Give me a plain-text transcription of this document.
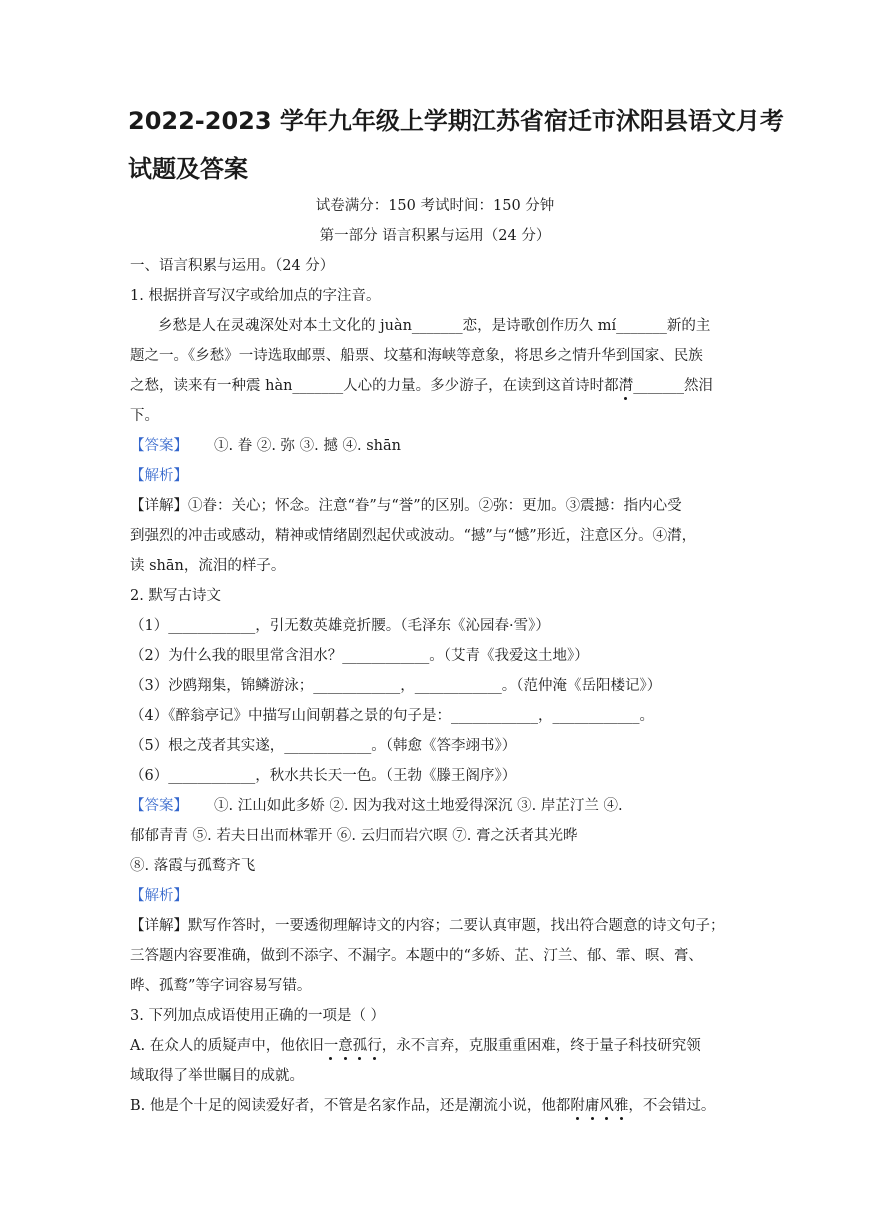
2022-2023 学年九年级上学期江苏省宿迁市沭阳县语文月考
试题及答案
试卷满分：150 考试时间：150 分钟
第一部分 语言积累与运用（24 分）
一、语言积累与运用。（24 分）
1. 根据拼音写汉字或给加点的字注音。
乡愁是人在灵魂深处对本土文化的 juàn_______恋，是诗歌创作历久 mí_______新的主
题之一。《乡愁》一诗选取邮票、船票、坟墓和海峡等意象，将思乡之情升华到国家、民族
之愁，读来有一种震 hàn_______人心的力量。多少游子，在读到这首诗时都潸_______然泪
下。
【答案】 ①. 眷 ②. 弥 ③. 撼 ④. shān
【解析】
【详解】①眷：关心；怀念。注意“眷”与“誉”的区别。②弥：更加。③震撼：指内心受
到强烈的冲击或感动，精神或情绪剧烈起伏或波动。“撼”与“憾”形近，注意区分。④潸，
读 shān，流泪的样子。
2. 默写古诗文
（1）____________，引无数英雄竞折腰。（毛泽东《沁园春·雪》）
（2）为什么我的眼里常含泪水？____________。（艾青《我爱这土地》）
（3）沙鸥翔集，锦鳞游泳；____________，____________。（范仲淹《岳阳楼记》）
（4）《醉翁亭记》中描写山间朝暮之景的句子是：____________，____________。
（5）根之茂者其实遂，____________。（韩愈《答李翊书》）
（6）____________，秋水共长天一色。（王勃《滕王阁序》）
【答案】 ①. 江山如此多娇 ②. 因为我对这土地爱得深沉 ③. 岸芷汀兰 ④.
郁郁青青 ⑤. 若夫日出而林霏开 ⑥. 云归而岩穴暝 ⑦. 膏之沃者其光晔
⑧. 落霞与孤鹜齐飞
【解析】
【详解】默写作答时，一要透彻理解诗文的内容；二要认真审题，找出符合题意的诗文句子；
三答题内容要准确，做到不添字、不漏字。本题中的“多娇、芷、汀兰、郁、霏、暝、膏、
晔、孤鹜”等字词容易写错。
3. 下列加点成语使用正确的一项是（ ）
A. 在众人的质疑声中，他依旧一意孤行，永不言弃，克服重重困难，终于量子科技研究领
域取得了举世瞩目的成就。
B. 他是个十足的阅读爱好者，不管是名家作品，还是潮流小说，他都附庸风雅，不会错过。
